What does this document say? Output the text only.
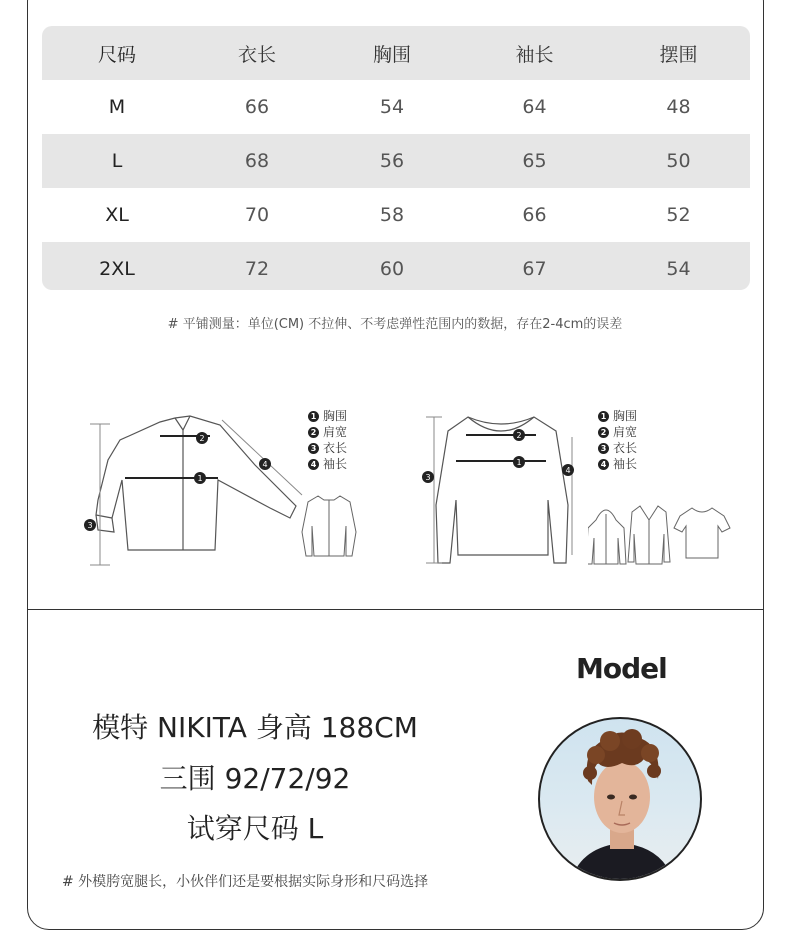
尺码	衣长	胸围	袖长	摆围
M	66	54	64	48
L	68	56	65	50
XL	70	58	66	52
2XL	72	60	67	54
# 平铺测量：单位(CM) 不拉伸、不考虑弹性范围内的数据，存在2-4cm的误差
1
2
3
4
1 胸围
2 肩宽
3 衣长
4 袖长	1
2
3
4
1 胸围
2 肩宽
3 衣长
4 袖长
Model
模特 NIKITA 身高 188CM
三围 92/72/92
试穿尺码 L
# 外模胯宽腿长，小伙伴们还是要根据实际身形和尺码选择
